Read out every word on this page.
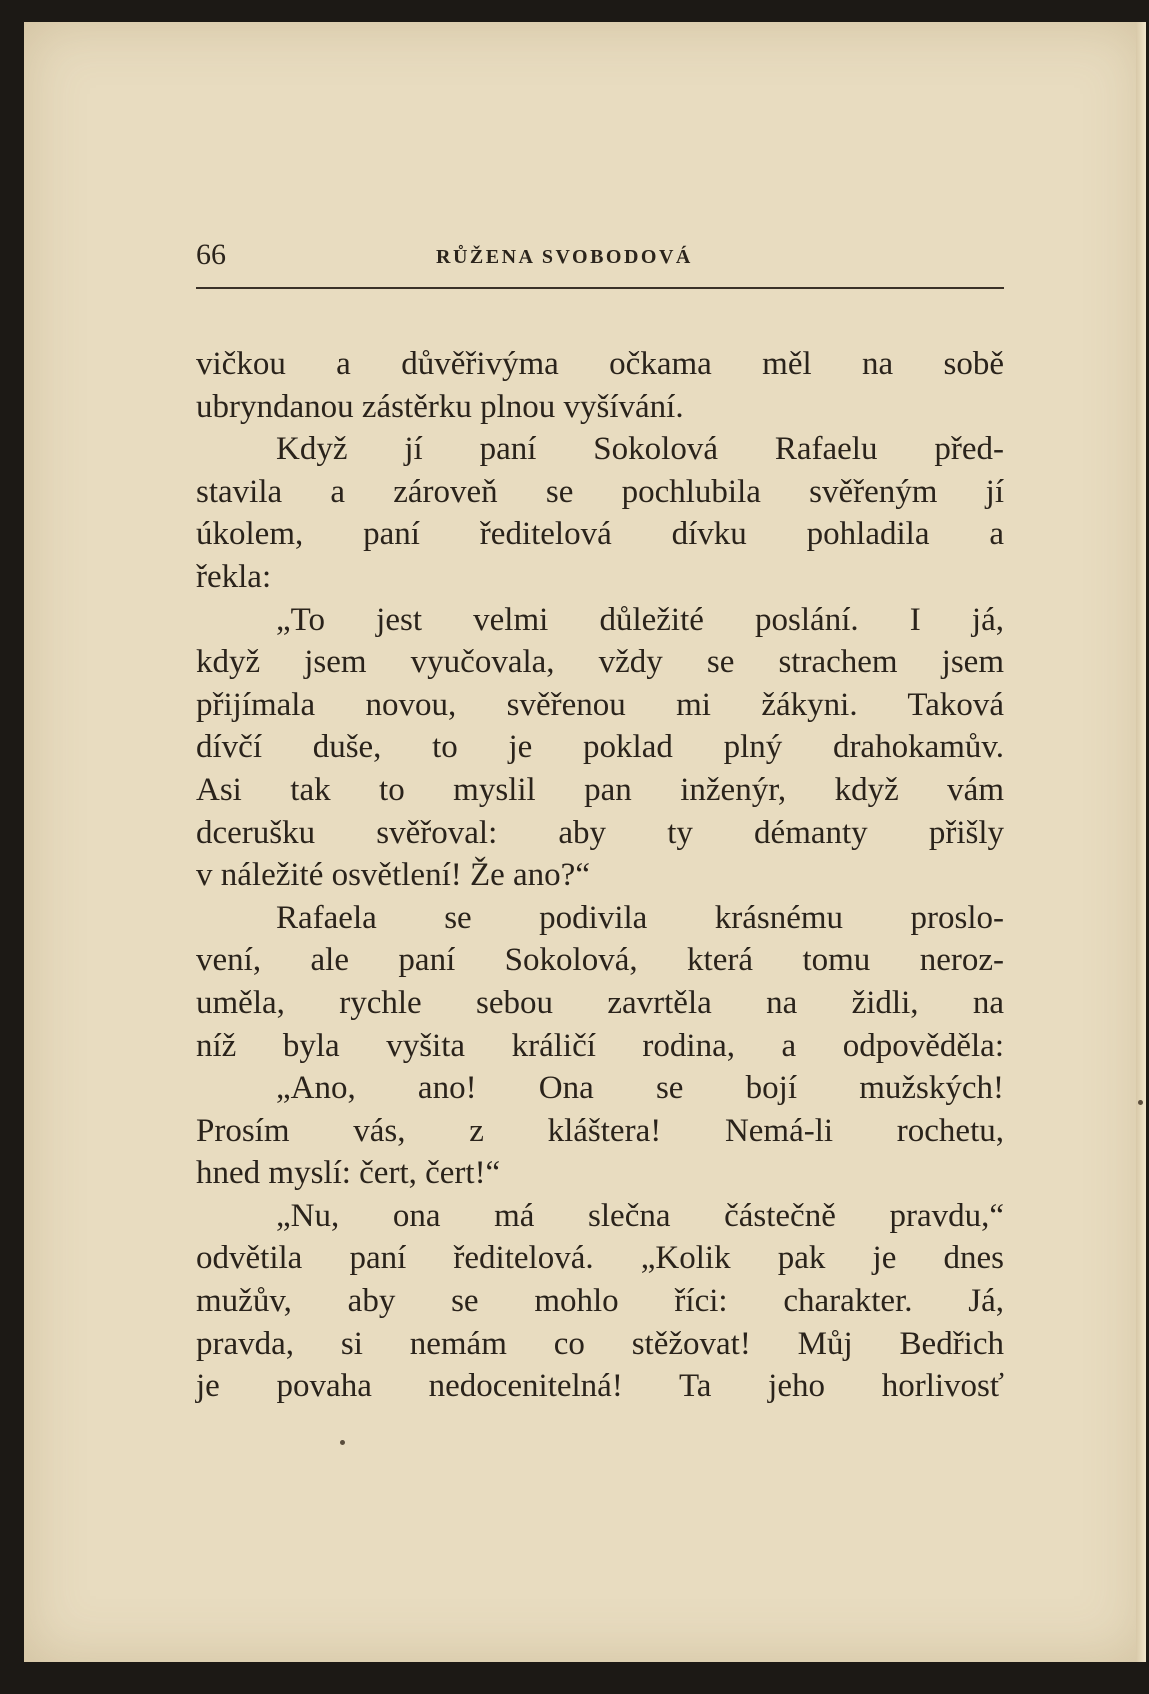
66	RŮŽENA SVOBODOVÁ
vičkou a důvěřivýma očkama měl na sobě
ubryndanou zástěrku plnou vyšívání.
Když jí paní Sokolová Rafaelu před-
stavila a zároveň se pochlubila svěřeným jí
úkolem, paní ředitelová dívku pohladila a
řekla:
„To jest velmi důležité poslání. I já,
když jsem vyučovala, vždy se strachem jsem
přijímala novou, svěřenou mi žákyni. Taková
dívčí duše, to je poklad plný drahokamův.
Asi tak to myslil pan inženýr, když vám
dcerušku svěřoval: aby ty démanty přišly
v náležité osvětlení! Že ano?“
Rafaela se podivila krásnému proslo-
vení, ale paní Sokolová, která tomu neroz-
uměla, rychle sebou zavrtěla na židli, na
níž byla vyšita králičí rodina, a odpověděla:
„Ano, ano! Ona se bojí mužských!
Prosím vás, z kláštera! Nemá-li rochetu,
hned myslí: čert, čert!“
„Nu, ona má slečna částečně pravdu,“
odvětila paní ředitelová. „Kolik pak je dnes
mužův, aby se mohlo říci: charakter. Já,
pravda, si nemám co stěžovat! Můj Bedřich
je povaha nedocenitelná! Ta jeho horlivosť
